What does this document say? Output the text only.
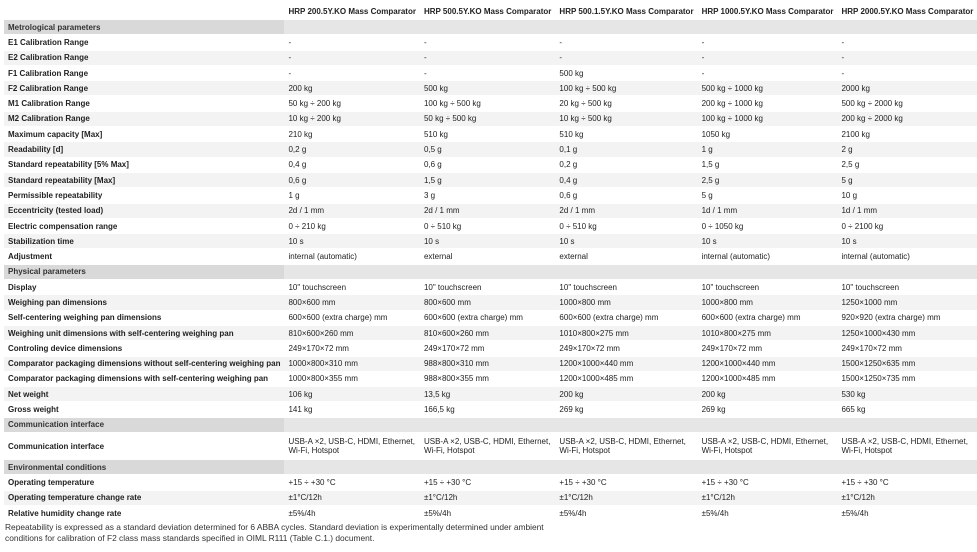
	HRP 200.5Y.KO Mass Comparator	HRP 500.5Y.KO Mass Comparator	HRP 500.1.5Y.KO Mass Comparator	HRP 1000.5Y.KO Mass Comparator	HRP 2000.5Y.KO Mass Comparator
Metrological parameters					
E1 Calibration Range	-	-	-	-	-
E2 Calibration Range	-	-	-	-	-
F1 Calibration Range	-	-	500 kg	-	-
F2 Calibration Range	200 kg	500 kg	100 kg ÷ 500 kg	500 kg ÷ 1000 kg	2000 kg
M1 Calibration Range	50 kg ÷ 200 kg	100 kg ÷ 500 kg	20 kg ÷ 500 kg	200 kg ÷ 1000 kg	500 kg ÷ 2000 kg
M2 Calibration Range	10 kg ÷ 200 kg	50 kg ÷ 500 kg	10 kg ÷ 500 kg	100 kg ÷ 1000 kg	200 kg ÷ 2000 kg
Maximum capacity [Max]	210 kg	510 kg	510 kg	1050 kg	2100 kg
Readability [d]	0,2 g	0,5 g	0,1 g	1 g	2 g
Standard repeatability [5% Max]	0,4 g	0,6 g	0,2 g	1,5 g	2,5 g
Standard repeatability [Max]	0,6 g	1,5 g	0,4 g	2,5 g	5 g
Permissible repeatability	1 g	3 g	0,6 g	5 g	10 g
Eccentricity (tested load)	2d / 1 mm	2d / 1 mm	2d / 1 mm	1d / 1 mm	1d / 1 mm
Electric compensation range	0 ÷ 210 kg	0 ÷ 510 kg	0 ÷ 510 kg	0 ÷ 1050 kg	0 ÷ 2100 kg
Stabilization time	10 s	10 s	10 s	10 s	10 s
Adjustment	internal (automatic)	external	external	internal (automatic)	internal (automatic)
Physical parameters					
Display	10" touchscreen	10" touchscreen	10" touchscreen	10" touchscreen	10" touchscreen
Weighing pan dimensions	800×600 mm	800×600 mm	1000×800 mm	1000×800 mm	1250×1000 mm
Self-centering weighing pan dimensions	600×600 (extra charge) mm	600×600 (extra charge) mm	600×600 (extra charge) mm	600×600 (extra charge) mm	920×920 (extra charge) mm
Weighing unit dimensions with self-centering weighing pan	810×600×260 mm	810×600×260 mm	1010×800×275 mm	1010×800×275 mm	1250×1000×430 mm
Controling device dimensions	249×170×72 mm	249×170×72 mm	249×170×72 mm	249×170×72 mm	249×170×72 mm
Comparator packaging dimensions without self-centering weighing pan	1000×800×310 mm	988×800×310 mm	1200×1000×440 mm	1200×1000×440 mm	1500×1250×635 mm
Comparator packaging dimensions with self-centering weighing pan	1000×800×355 mm	988×800×355 mm	1200×1000×485 mm	1200×1000×485 mm	1500×1250×735 mm
Net weight	106 kg	13,5 kg	200 kg	200 kg	530 kg
Gross weight	141 kg	166,5 kg	269 kg	269 kg	665 kg
Communication interface					
Communication interface	USB-A ×2, USB-C, HDMI, Ethernet, Wi-Fi, Hotspot	USB-A ×2, USB-C, HDMI, Ethernet, Wi-Fi, Hotspot	USB-A ×2, USB-C, HDMI, Ethernet, Wi-Fi, Hotspot	USB-A ×2, USB-C, HDMI, Ethernet, Wi-Fi, Hotspot	USB-A ×2, USB-C, HDMI, Ethernet, Wi-Fi, Hotspot
Environmental conditions					
Operating temperature	+15 ÷ +30 °C	+15 ÷ +30 °C	+15 ÷ +30 °C	+15 ÷ +30 °C	+15 ÷ +30 °C
Operating temperature change rate	±1°C/12h	±1°C/12h	±1°C/12h	±1°C/12h	±1°C/12h
Relative humidity change rate	±5%/4h	±5%/4h	±5%/4h	±5%/4h	±5%/4h
Repeatability is expressed as a standard deviation determined for 6 ABBA cycles. Standard deviation is experimentally determined under ambient conditions for calibration of F2 class mass standards specified in OIML R111 (Table C.1.) document.
